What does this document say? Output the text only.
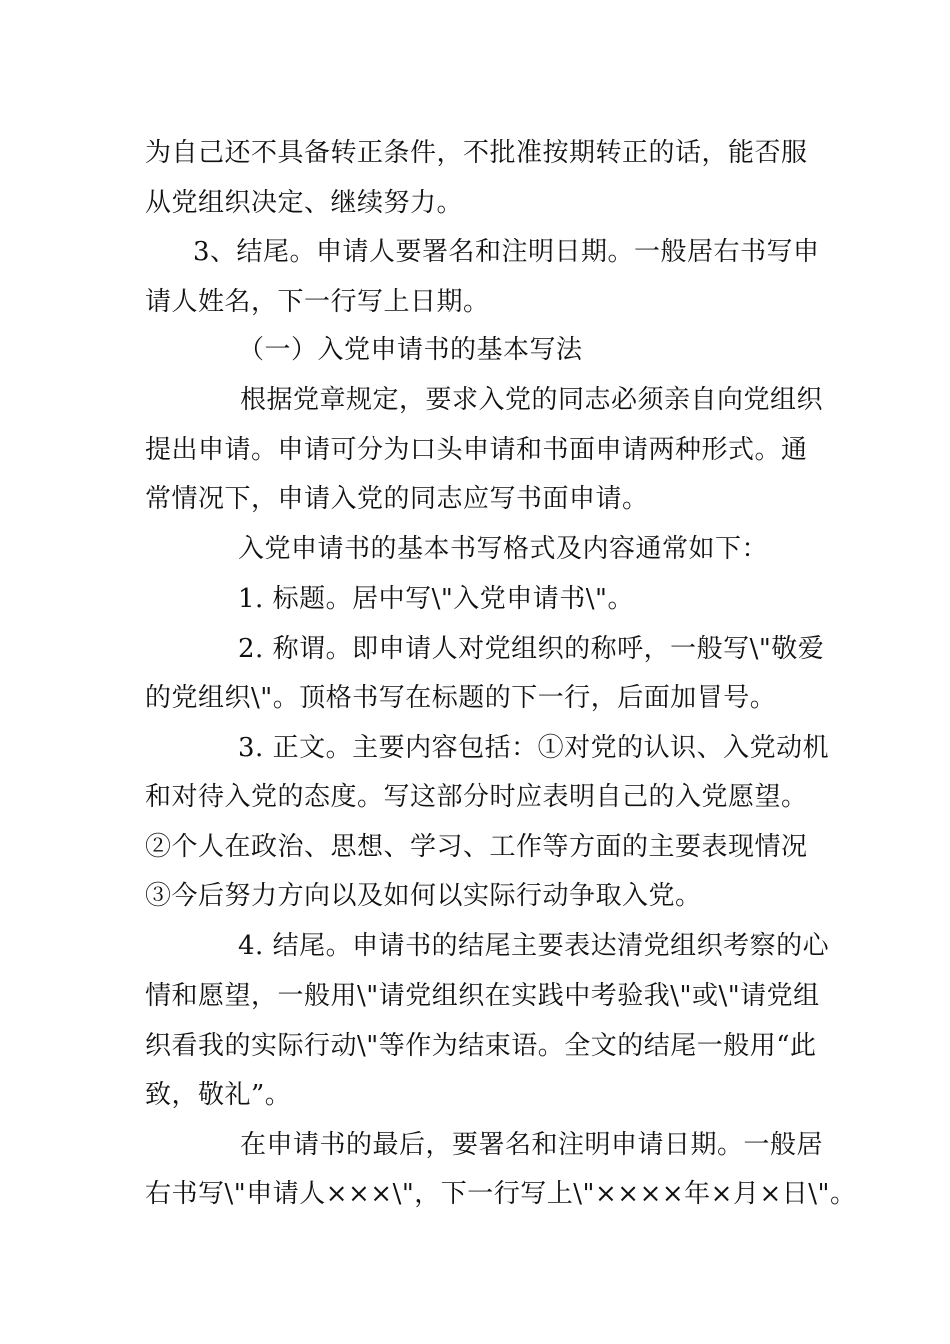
为自己还不具备转正条件，不批准按期转正的话，能否服
从党组织决定、继续努力。
3、结尾。申请人要署名和注明日期。一般居右书写申
请人姓名，下一行写上日期。
（一）入党申请书的基本写法
根据党章规定，要求入党的同志必须亲自向党组织
提出申请。申请可分为口头申请和书面申请两种形式。通
常情况下，申请入党的同志应写书面申请。
入党申请书的基本书写格式及内容通常如下：
1. 标题。居中写\"入党申请书\"。
2. 称谓。即申请人对党组织的称呼，一般写\"敬爱
的党组织\"。顶格书写在标题的下一行，后面加冒号。
3. 正文。主要内容包括：①对党的认识、入党动机
和对待入党的态度。写这部分时应表明自己的入党愿望。
②个人在政治、思想、学习、工作等方面的主要表现情况
③今后努力方向以及如何以实际行动争取入党。
4. 结尾。申请书的结尾主要表达清党组织考察的心
情和愿望，一般用\"请党组织在实践中考验我\"或\"请党组
织看我的实际行动\"等作为结束语。全文的结尾一般用“此
致，敬礼”。
在申请书的最后，要署名和注明申请日期。一般居
右书写\"申请人×××\"，下一行写上\"××××年×月×日\"。
